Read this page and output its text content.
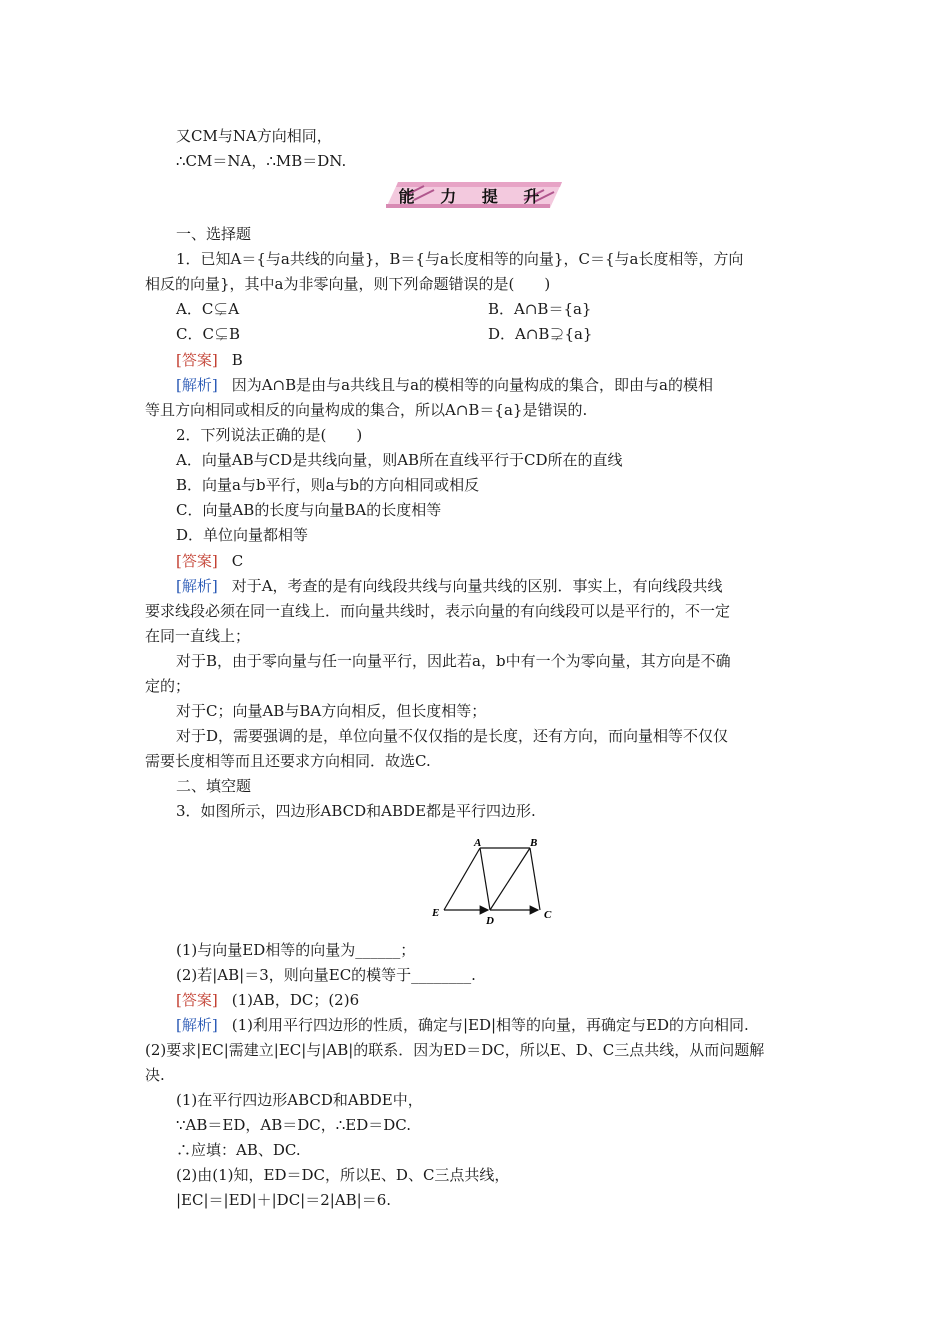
又CM与NA方向相同，
∴CM＝NA，∴MB＝DN.
能 力 提 升
一、选择题
1．已知A＝{与a共线的向量}，B＝{与a长度相等的向量}，C＝{与a长度相等，方向
相反的向量}，其中a为非零向量，则下列命题错误的是(　　)
A．C⊊A	B．A∩B＝{a}
C．C⊊B	D．A∩B⊋{a}
[答案] B
[解析] 因为A∩B是由与a共线且与a的模相等的向量构成的集合，即由与a的模相
等且方向相同或相反的向量构成的集合，所以A∩B＝{a}是错误的.
2．下列说法正确的是(　　)
A．向量AB与CD是共线向量，则AB所在直线平行于CD所在的直线
B．向量a与b平行，则a与b的方向相同或相反
C．向量AB的长度与向量BA的长度相等
D．单位向量都相等
[答案] C
[解析] 对于A，考查的是有向线段共线与向量共线的区别．事实上，有向线段共线
要求线段必须在同一直线上．而向量共线时，表示向量的有向线段可以是平行的，不一定
在同一直线上；
对于B，由于零向量与任一向量平行，因此若a，b中有一个为零向量，其方向是不确
定的；
对于C；向量AB与BA方向相反，但长度相等；
对于D，需要强调的是，单位向量不仅仅指的是长度，还有方向，而向量相等不仅仅
需要长度相等而且还要求方向相同．故选C.
二、填空题
3．如图所示，四边形ABCD和ABDE都是平行四边形.
A	B
E
D	C
(1)与向量ED相等的向量为______；
(2)若|AB|＝3，则向量EC的模等于________.
[答案] (1)AB，DC；(2)6
[解析] (1)利用平行四边形的性质，确定与|ED|相等的向量，再确定与ED的方向相同.
(2)要求|EC|需建立|EC|与|AB|的联系．因为ED＝DC，所以E、D、C三点共线，从而问题解
决.
(1)在平行四边形ABCD和ABDE中，
∵AB＝ED，AB＝DC，∴ED＝DC.
∴应填：AB、DC.
(2)由(1)知，ED＝DC，所以E、D、C三点共线，
|EC|＝|ED|＋|DC|＝2|AB|＝6.
